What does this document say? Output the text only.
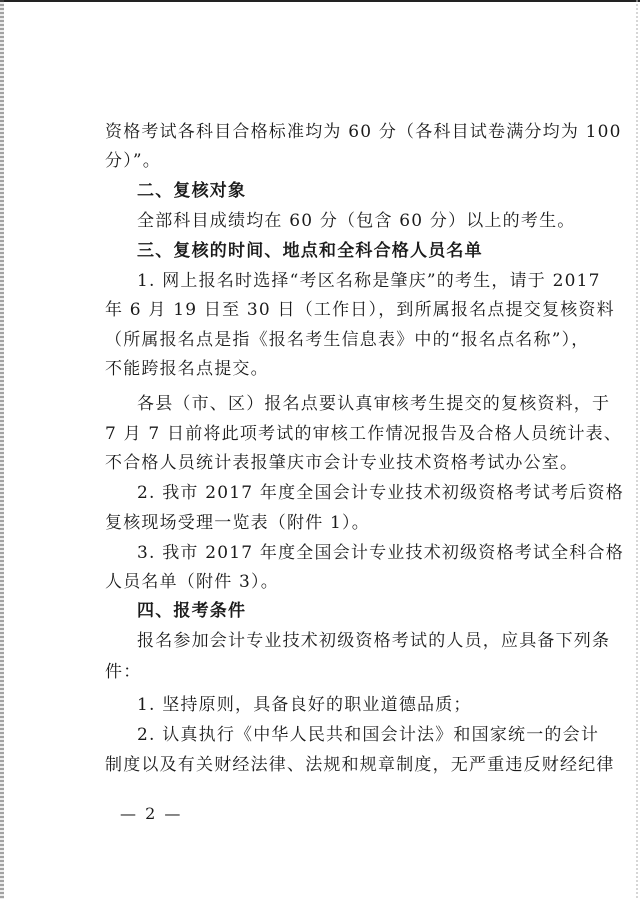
资格考试各科目合格标准均为 60 分（各科目试卷满分均为 100
分）”。
二、复核对象
全部科目成绩均在 60 分（包含 60 分）以上的考生。
三、复核的时间、地点和全科合格人员名单
1. 网上报名时选择“考区名称是肇庆”的考生，请于 2017
年 6 月 19 日至 30 日（工作日），到所属报名点提交复核资料
（所属报名点是指《报名考生信息表》中的“报名点名称”），
不能跨报名点提交。
各县（市、区）报名点要认真审核考生提交的复核资料，于
7 月 7 日前将此项考试的审核工作情况报告及合格人员统计表、
不合格人员统计表报肇庆市会计专业技术资格考试办公室。
2. 我市 2017 年度全国会计专业技术初级资格考试考后资格
复核现场受理一览表（附件 1）。
3. 我市 2017 年度全国会计专业技术初级资格考试全科合格
人员名单（附件 3）。
四、报考条件
报名参加会计专业技术初级资格考试的人员，应具备下列条
件：
1. 坚持原则，具备良好的职业道德品质；
2. 认真执行《中华人民共和国会计法》和国家统一的会计
制度以及有关财经法律、法规和规章制度，无严重违反财经纪律
— 2 —
